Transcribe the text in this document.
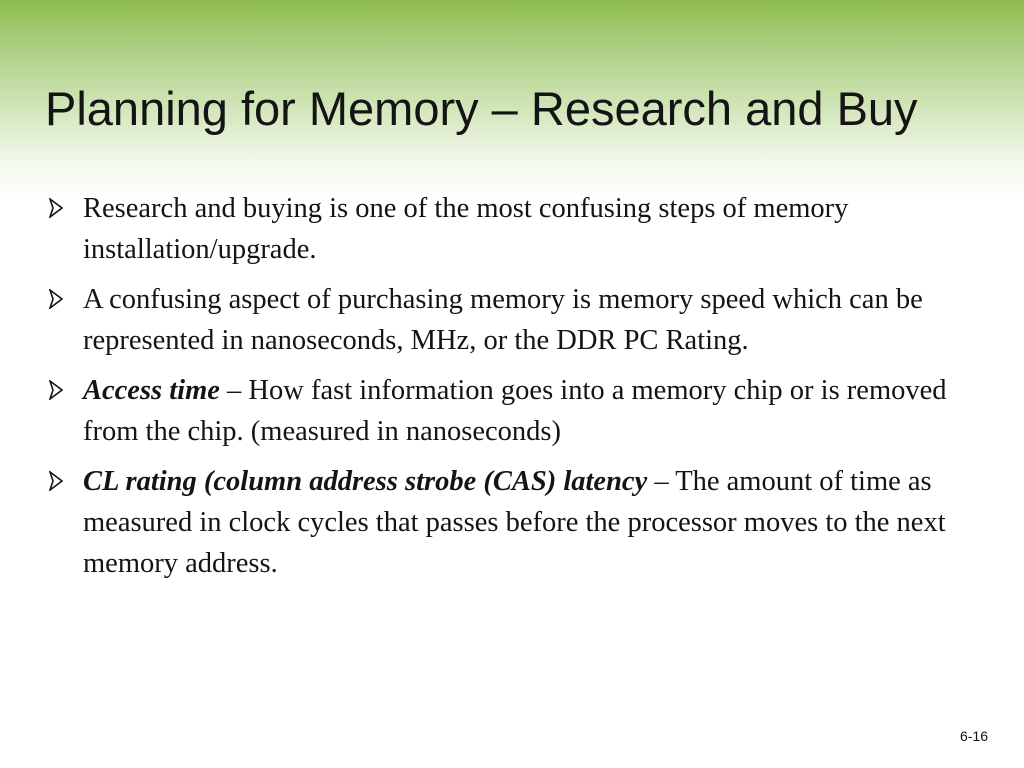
Planning for Memory – Research and Buy
Research and buying is one of the most confusing steps of memory installation/upgrade.
A confusing aspect of purchasing memory is memory speed which can be represented in nanoseconds, MHz, or the DDR PC Rating.
Access time – How fast information goes into a memory chip or is removed from the chip. (measured in nanoseconds)
CL rating (column address strobe (CAS) latency – The amount of time as measured in clock cycles that passes before the processor moves to the next memory address.
6-16
